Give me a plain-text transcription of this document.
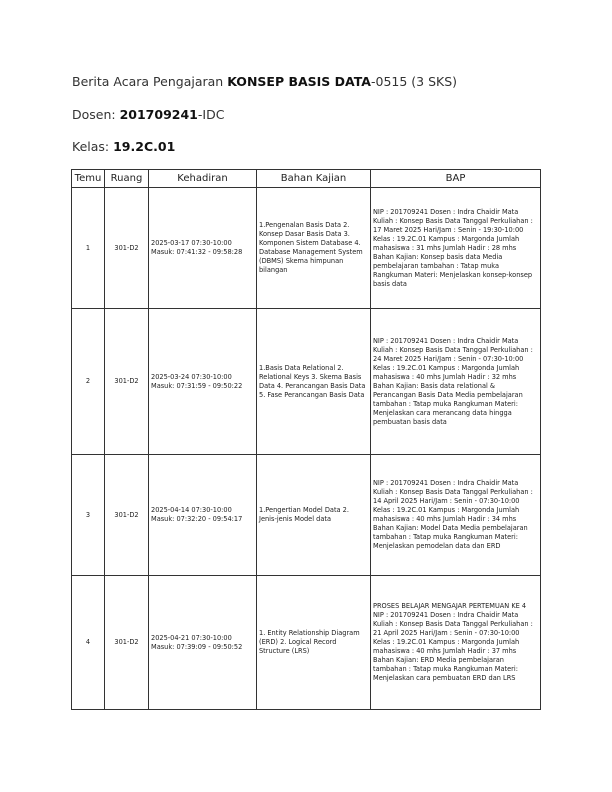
Berita Acara Pengajaran KONSEP BASIS DATA-0515 (3 SKS)
Dosen: 201709241-IDC
Kelas: 19.2C.01
Temu	Ruang	Kehadiran	Bahan Kajian	BAP
1	301-D2	2025-03-17 07:30-10:00
Masuk: 07:41:32 - 09:58:28	1.Pengenalan Basis Data 2. Konsep Dasar Basis Data 3. Komponen Sistem Database 4. Database Management System (DBMS) Skema himpunan bilangan	NIP : 201709241 Dosen : Indra Chaidir Mata Kuliah : Konsep Basis Data Tanggal Perkuliahan : 17 Maret 2025 Hari/Jam : Senin - 19:30-10:00 Kelas : 19.2C.01 Kampus : Margonda Jumlah mahasiswa : 31 mhs Jumlah Hadir : 28 mhs Bahan Kajian: Konsep basis data Media pembelajaran tambahan : Tatap muka Rangkuman Materi: Menjelaskan konsep-konsep basis data
2	301-D2	2025-03-24 07:30-10:00
Masuk: 07:31:59 - 09:50:22	1.Basis Data Relational 2. Relational Keys 3. Skema Basis Data 4. Perancangan Basis Data 5. Fase Perancangan Basis Data	NIP : 201709241 Dosen : Indra Chaidir Mata Kuliah : Konsep Basis Data Tanggal Perkuliahan : 24 Maret 2025 Hari/Jam : Senin - 07:30-10:00 Kelas : 19.2C.01 Kampus : Margonda Jumlah mahasiswa : 40 mhs Jumlah Hadir : 32 mhs Bahan Kajian: Basis data relational & Perancangan Basis Data Media pembelajaran tambahan : Tatap muka Rangkuman Materi: Menjelaskan cara merancang data hingga pembuatan basis data
3	301-D2	2025-04-14 07:30-10:00
Masuk: 07:32:20 - 09:54:17	1.Pengertian Model Data 2. Jenis-jenis Model data	NIP : 201709241 Dosen : Indra Chaidir Mata Kuliah : Konsep Basis Data Tanggal Perkuliahan : 14 April 2025 Hari/Jam : Senin - 07:30-10:00 Kelas : 19.2C.01 Kampus : Margonda Jumlah mahasiswa : 40 mhs Jumlah Hadir : 34 mhs Bahan Kajian: Model Data Media pembelajaran tambahan : Tatap muka Rangkuman Materi: Menjelaskan pemodelan data dan ERD
4	301-D2	2025-04-21 07:30-10:00
Masuk: 07:39:09 - 09:50:52	1. Entity Relationship Diagram (ERD) 2. Logical Record Structure (LRS)	PROSES BELAJAR MENGAJAR PERTEMUAN KE 4 NIP : 201709241 Dosen : Indra Chaidir Mata Kuliah : Konsep Basis Data Tanggal Perkuliahan : 21 April 2025 Hari/Jam : Senin - 07:30-10:00 Kelas : 19.2C.01 Kampus : Margonda Jumlah mahasiswa : 40 mhs Jumlah Hadir : 37 mhs Bahan Kajian: ERD Media pembelajaran tambahan : Tatap muka Rangkuman Materi: Menjelaskan cara pembuatan ERD dan LRS
